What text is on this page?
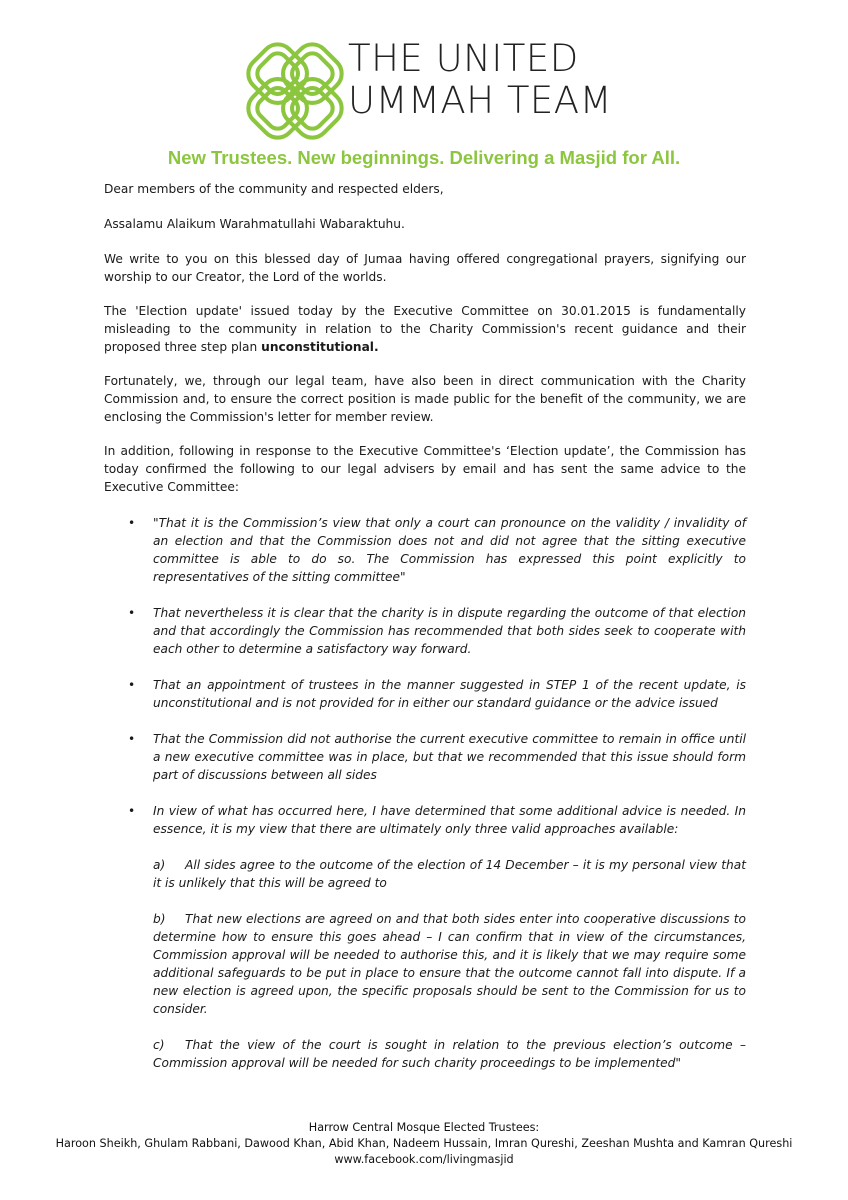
THE UNITED
UMMAH TEAM
New Trustees. New beginnings. Delivering a Masjid for All.

Dear members of the community and respected elders,

Assalamu Alaikum Warahmatullahi Wabaraktuhu.

We write to you on this blessed day of Jumaa having offered congregational prayers, signifying our worship to our Creator, the Lord of the worlds.

The 'Election update' issued today by the Executive Committee on 30.01.2015 is fundamentally misleading to the community in relation to the Charity Commission's recent guidance and their proposed three step plan unconstitutional.

Fortunately, we, through our legal team, have also been in direct communication with the Charity Commission and, to ensure the correct position is made public for the benefit of the community, we are enclosing the Commission's letter for member review.

In addition, following in response to the Executive Committee's ‘Election update’, the Commission has today confirmed the following to our legal advisers by email and has sent the same advice to the Executive Committee:

• "That it is the Commission’s view that only a court can pronounce on the validity / invalidity of an election and that the Commission does not and did not agree that the sitting executive committee is able to do so. The Commission has expressed this point explicitly to representatives of the sitting committee"
• That nevertheless it is clear that the charity is in dispute regarding the outcome of that election and that accordingly the Commission has recommended that both sides seek to cooperate with each other to determine a satisfactory way forward.
• That an appointment of trustees in the manner suggested in STEP 1 of the recent update, is unconstitutional and is not provided for in either our standard guidance or the advice issued
• That the Commission did not authorise the current executive committee to remain in office until a new executive committee was in place, but that we recommended that this issue should form part of discussions between all sides
• In view of what has occurred here, I have determined that some additional advice is needed. In essence, it is my view that there are ultimately only three valid approaches available:
a) All sides agree to the outcome of the election of 14 December – it is my personal view that it is unlikely that this will be agreed to
b) That new elections are agreed on and that both sides enter into cooperative discussions to determine how to ensure this goes ahead – I can confirm that in view of the circumstances, Commission approval will be needed to authorise this, and it is likely that we may require some additional safeguards to be put in place to ensure that the outcome cannot fall into dispute. If a new election is agreed upon, the specific proposals should be sent to the Commission for us to consider.
c) That the view of the court is sought in relation to the previous election’s outcome – Commission approval will be needed for such charity proceedings to be implemented"
Harrow Central Mosque Elected Trustees:
Haroon Sheikh, Ghulam Rabbani, Dawood Khan, Abid Khan, Nadeem Hussain, Imran Qureshi, Zeeshan Mushta and Kamran Qureshi
www.facebook.com/livingmasjid
